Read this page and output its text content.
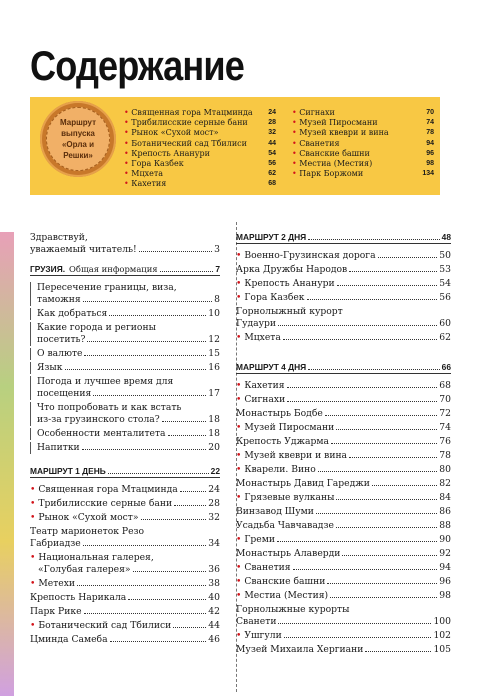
Содержание
Маршрут выпуска
«Орла и Решки»
• Священная гора Мтацминда 24
• Трибилисские серные бани	28
• Рынок «Сухой мост»	32
• Ботанический сад Тбилиси	44
• Крепость Ананури	54
• Гора Казбек	56
• Мцхета	62
• Кахетия	68
• Сигнахи	70
• Музей Пиросмани	74
• Музей квеври и вина	78
• Сванетия	94
• Сванские башни	96
• Местиа (Местия)	98
• Парк Боржоми	134
Здравствуй,
уважаемый читатель!	3
ГРУЗИЯ. Общая информация	7
Пересечение границы, виза,
таможня	8
Как добраться	10
Какие города и регионы
посетить?	12
О валюте	15
Язык	16
Погода и лучшее время для
посещения	17
Что попробовать и как встать
из-за грузинского стола?	18
Особенности менталитета	18
Напитки	20
МАРШРУТ 1 ДЕНЬ	22
• Священная гора Мтацминда	24
• Трибилисские серные бани	28
• Рынок «Сухой мост»	32
Театр марионеток Резо
Габриадзе	34
• Национальная галерея,
«Голубая галерея»	36
• Метехи	38
Крепость Нарикала	40
Парк Рике	42
• Ботанический сад Тбилиси	44
Цминда Самеба	46
МАРШРУТ 2 ДНЯ	48
• Военно-Грузинская дорога	50
Арка Дружбы Народов	53
• Крепость Ананури	54
• Гора Казбек	56
Горнолыжный курорт
Гудаури	60
• Мцхета	62
МАРШРУТ 4 ДНЯ	66
• Кахетия	68
• Сигнахи	70
Монастырь Бодбе	72
• Музей Пиросмани	74
Крепость Уджарма	76
• Музей квеври и вина	78
• Кварели. Вино	80
Монастырь Давид Гареджи	82
• Грязевые вулканы	84
Винзавод Шуми	86
Усадьба Чавчавадзе	88
• Греми	90
Монастырь Алаверди	92
• Сванетия	94
• Сванские башни	96
• Местиа (Местия)	98
Горнолыжные курорты
Сванети	100
• Ушгули	102
Музей Михаила Хергиани	105
